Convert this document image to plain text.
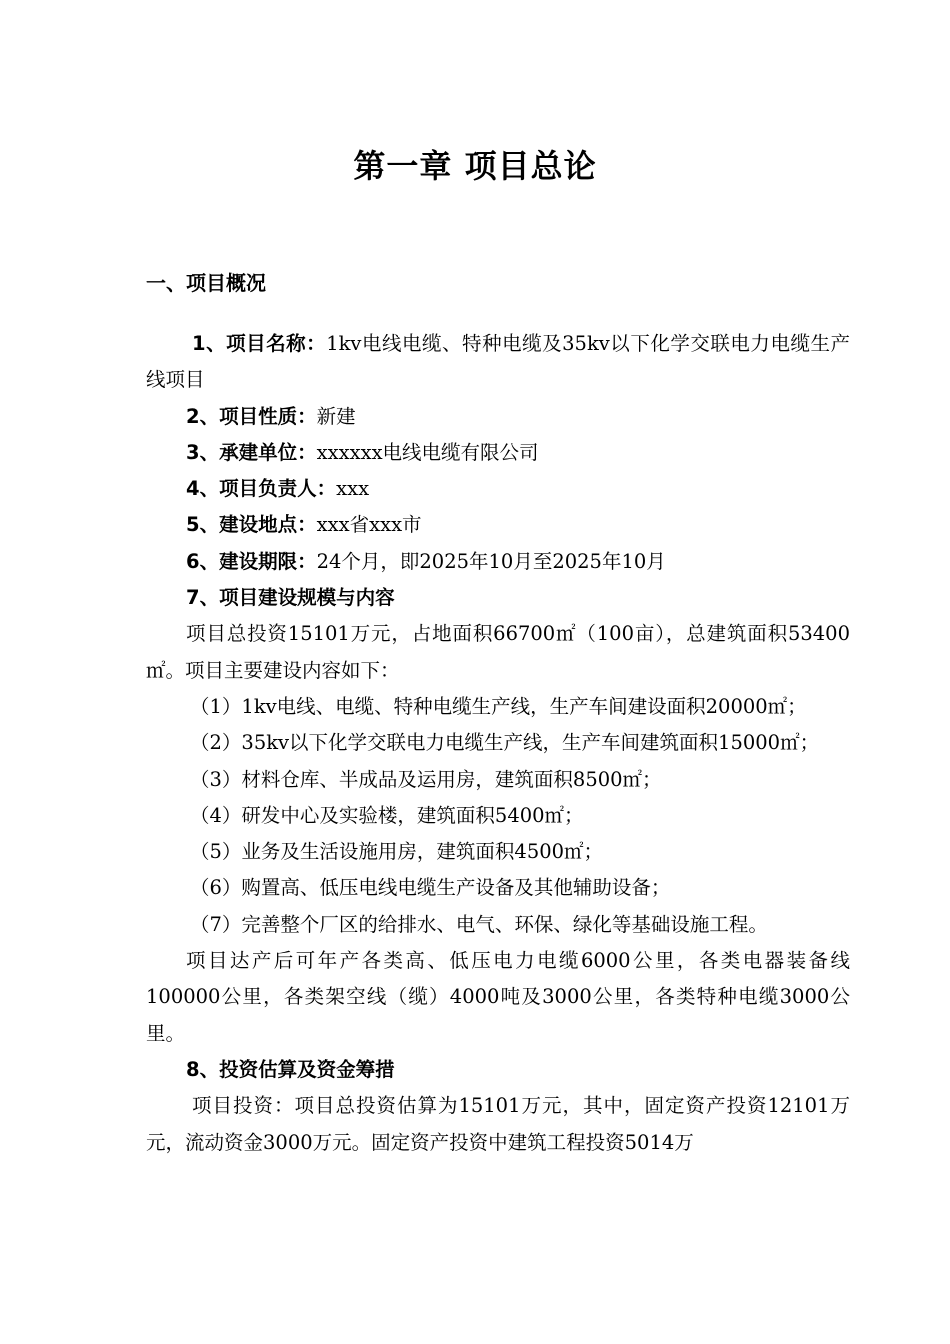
第一章 项目总论
一、项目概况

1、项目名称：1kv电线电缆、特种电缆及35kv以下化学交联电力电缆生产线项目

2、项目性质：新建

3、承建单位：xxxxxx电线电缆有限公司

4、项目负责人：xxx

5、建设地点：xxx省xxx市

6、建设期限：24个月，即2025年10月至2025年10月

7、项目建设规模与内容

项目总投资15101万元，占地面积66700㎡（100亩），总建筑面积53400㎡。项目主要建设内容如下：

（1）1kv电线、电缆、特种电缆生产线，生产车间建设面积20000㎡；

（2）35kv以下化学交联电力电缆生产线，生产车间建筑面积15000㎡；

（3）材料仓库、半成品及运用房，建筑面积8500㎡；

（4）研发中心及实验楼，建筑面积5400㎡；

（5）业务及生活设施用房，建筑面积4500㎡；

（6）购置高、低压电线电缆生产设备及其他辅助设备；

（7）完善整个厂区的给排水、电气、环保、绿化等基础设施工程。

项目达产后可年产各类高、低压电力电缆6000公里，各类电器装备线100000公里，各类架空线（缆）4000吨及3000公里，各类特种电缆3000公里。

8、投资估算及资金筹措

项目投资：项目总投资估算为15101万元，其中，固定资产投资12101万元，流动资金3000万元。固定资产投资中建筑工程投资5014万
